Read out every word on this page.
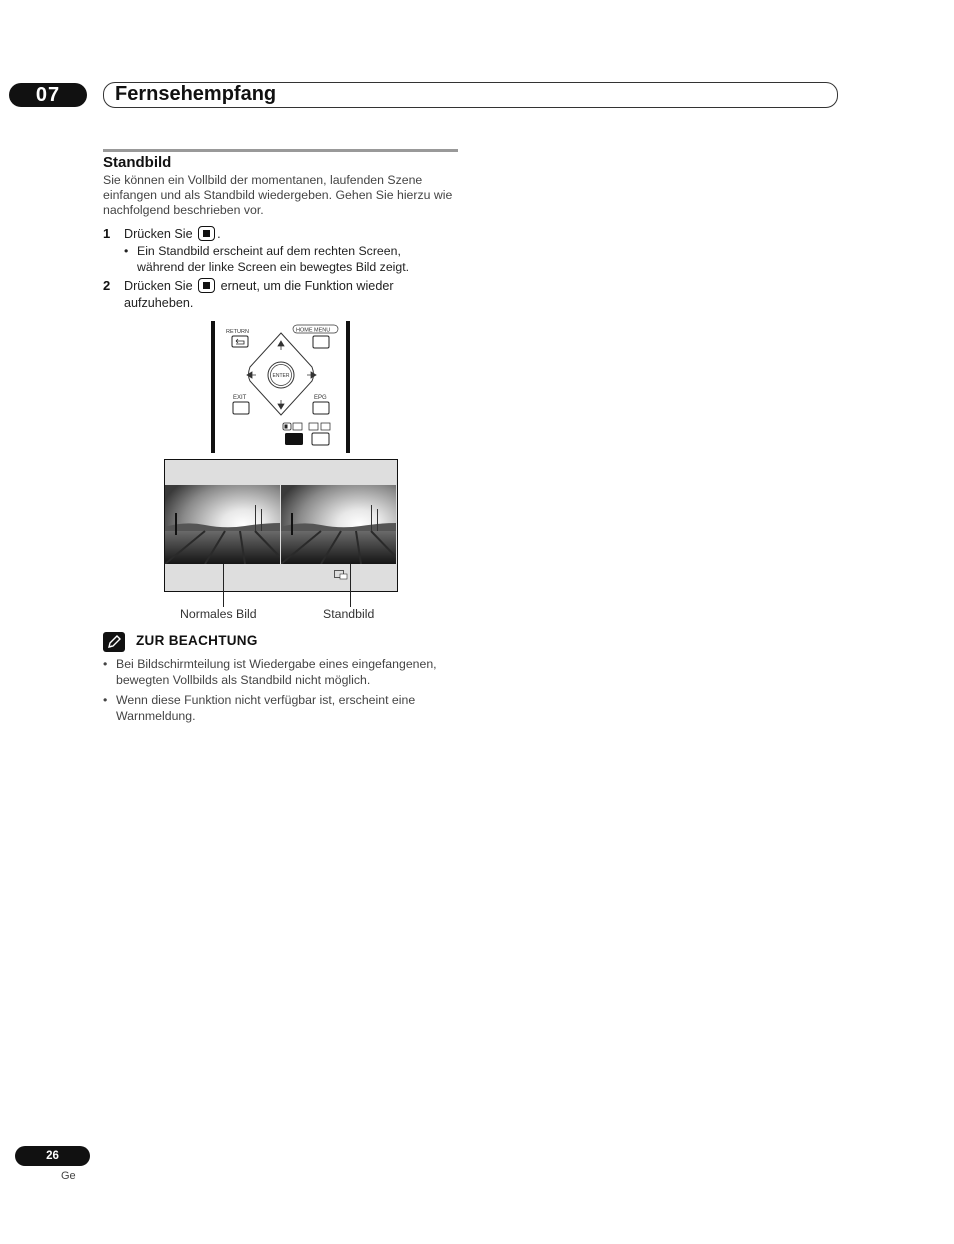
07	Fernsehempfang
Standbild
Sie können ein Vollbild der momentanen, laufenden Szene einfangen und als Standbild wiedergeben. Gehen Sie hierzu wie nachfolgend beschrieben vor.
1 Drücken Sie .
• Ein Standbild erscheint auf dem rechten Screen, während der linke Screen ein bewegtes Bild zeigt.
2 Drücken Sie erneut, um die Funktion wieder aufzuheben.
RETURN	HOME MENU
ENTER
EXIT	EPG
Normales Bild	Standbild
ZUR BEACHTUNG
• Bei Bildschirmteilung ist Wiedergabe eines eingefangenen, bewegten Vollbilds als Standbild nicht möglich.
• Wenn diese Funktion nicht verfügbar ist, erscheint eine Warnmeldung.
26
Ge
